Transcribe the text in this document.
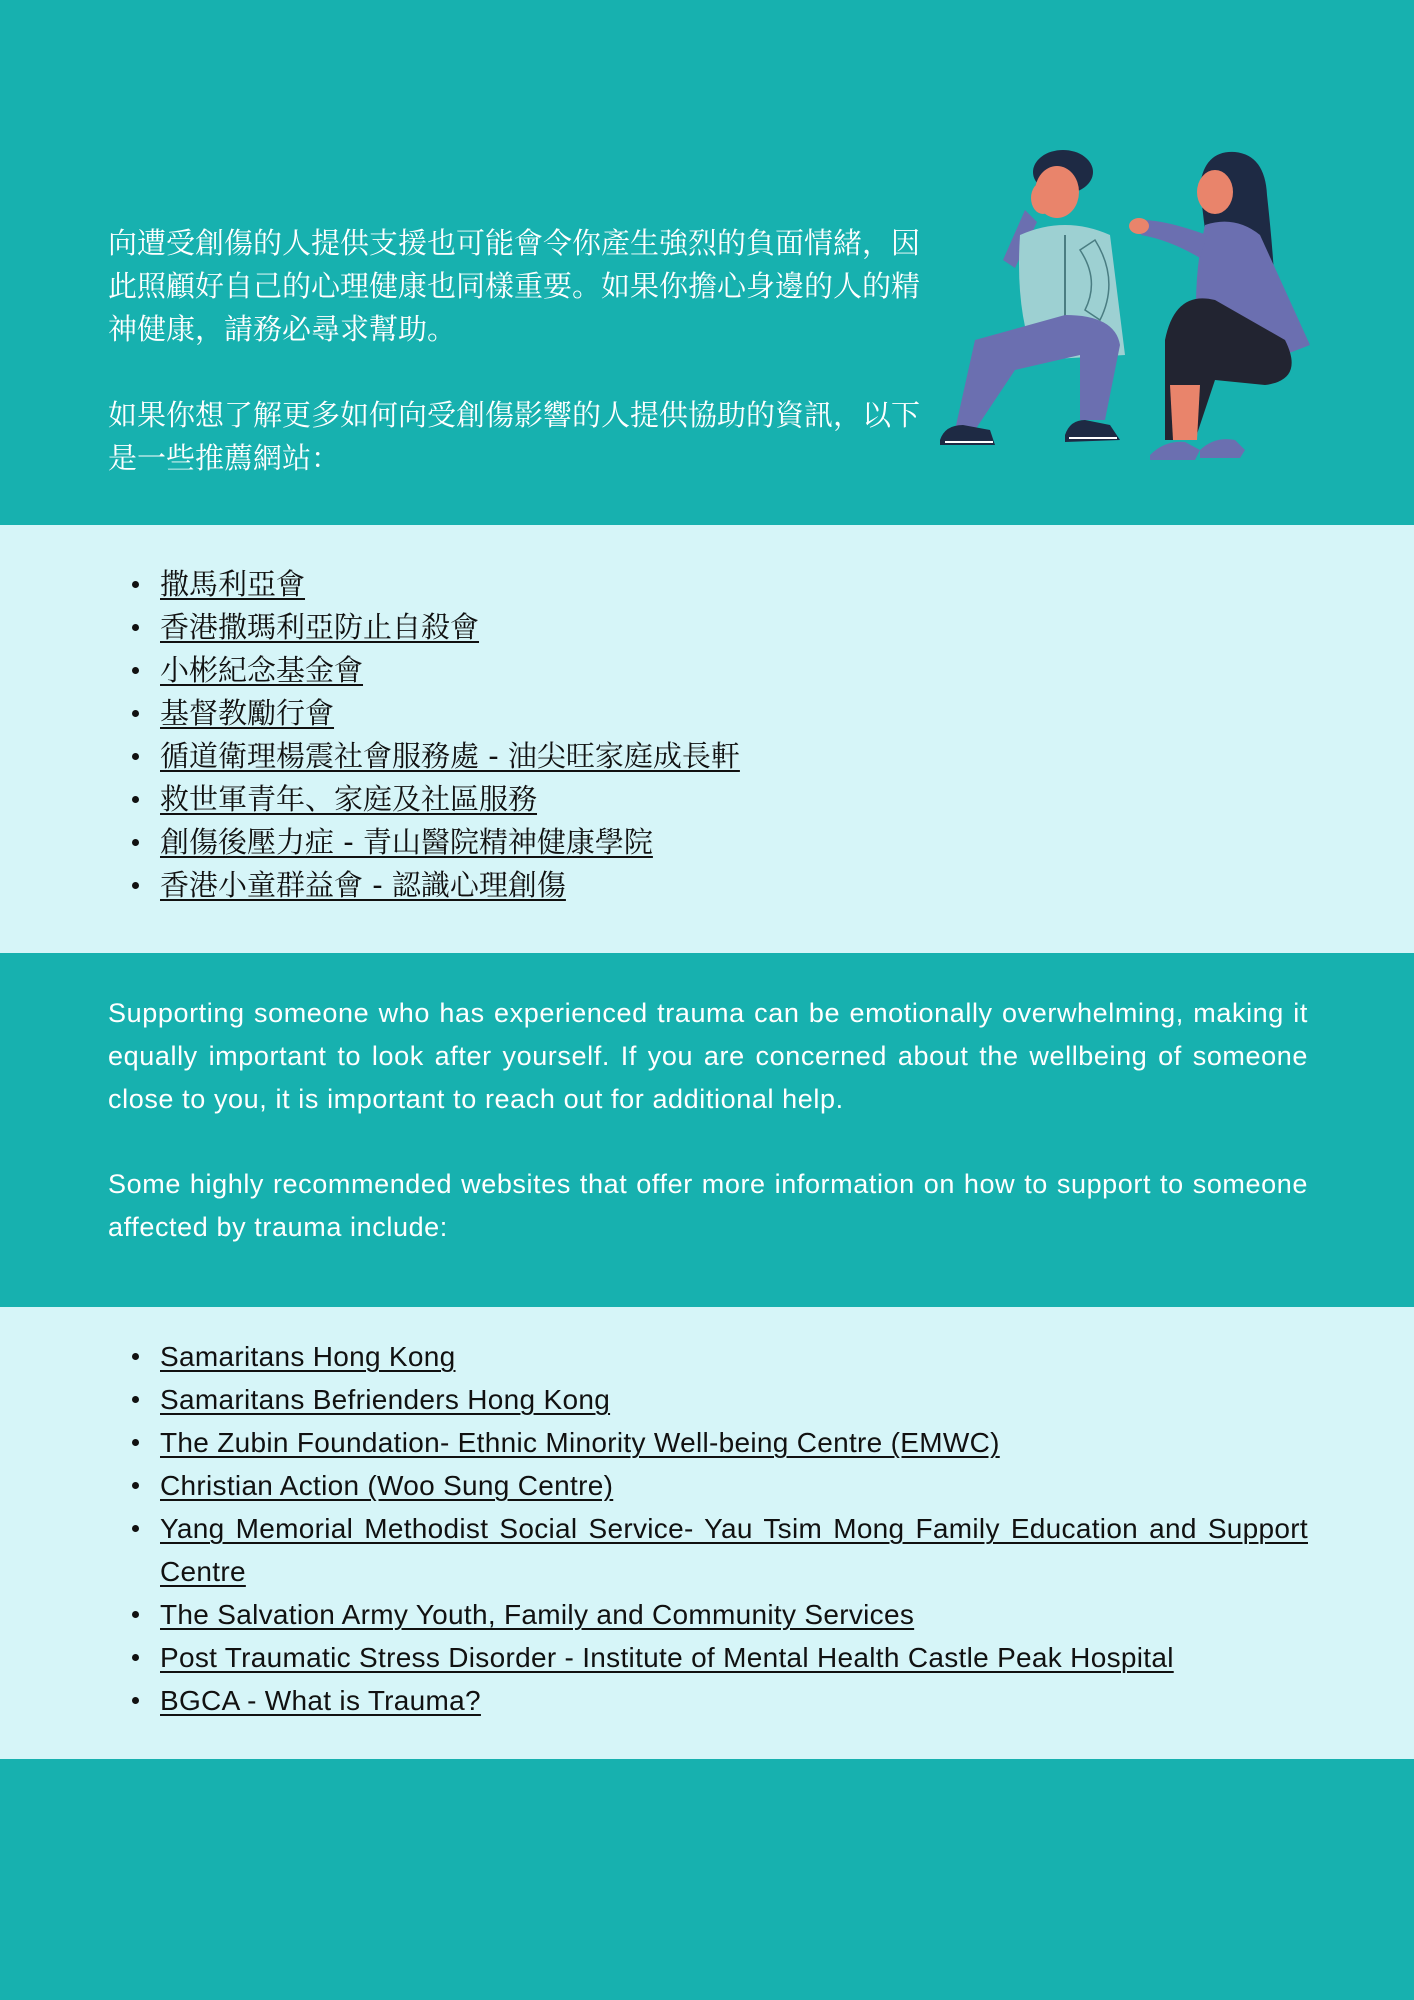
向遭受創傷的人提供支援也可能會令你產生強烈的負面情緒，因此照顧好自己的心理健康也同樣重要。如果你擔心身邊的人的精神健康，請務必尋求幫助。

如果你想了解更多如何向受創傷影響的人提供協助的資訊，以下是一些推薦網站：

撒馬利亞會
香港撒瑪利亞防止自殺會
小彬紀念基金會
基督教勵行會
循道衛理楊震社會服務處 - 油尖旺家庭成長軒
救世軍青年、家庭及社區服務
創傷後壓力症 - 青山醫院精神健康學院
香港小童群益會 - 認識心理創傷

Supporting someone who has experienced trauma can be emotionally overwhelming, making it equally important to look after yourself. If you are concerned about the wellbeing of someone close to you, it is important to reach out for additional help.

Some highly recommended websites that offer more information on how to support to someone affected by trauma include:

Samaritans Hong Kong
Samaritans Befrienders Hong Kong
The Zubin Foundation- Ethnic Minority Well-being Centre (EMWC)
Christian Action (Woo Sung Centre)
Yang Memorial Methodist Social Service- Yau Tsim Mong Family Education and Support Centre
The Salvation Army Youth, Family and Community Services
Post Traumatic Stress Disorder - Institute of Mental Health Castle Peak Hospital
BGCA - What is Trauma?
